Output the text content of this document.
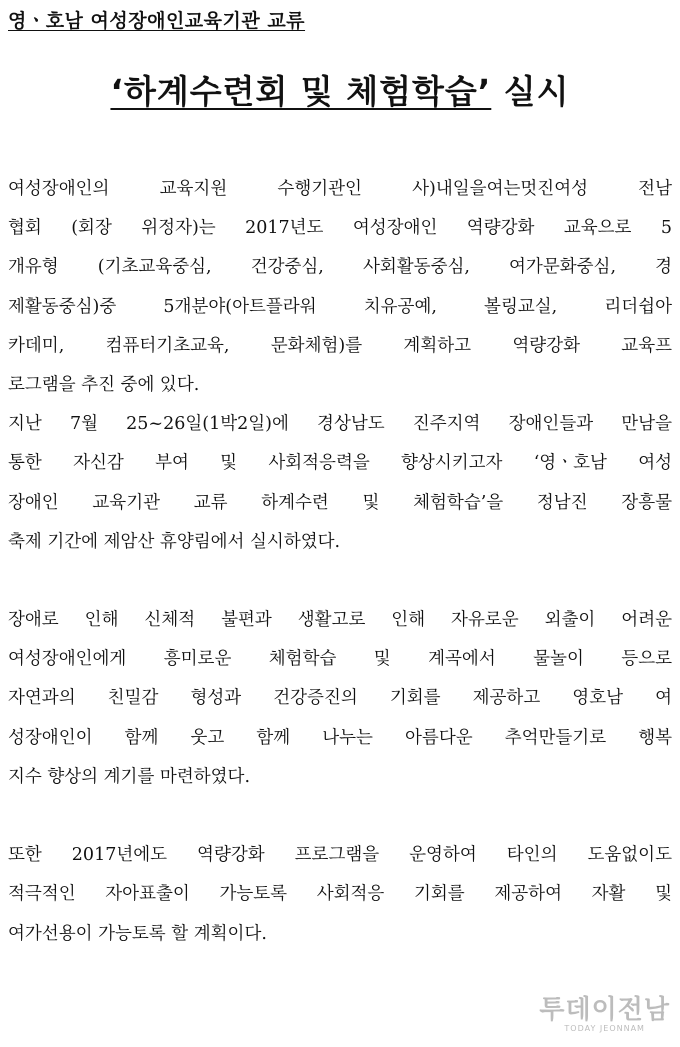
영ㆍ호남 여성장애인교육기관 교류
‘하계수련회 및 체험학습’ 실시
여성장애인의 교육지원 수행기관인 사)내일을여는멋진여성 전남
협회 (회장 위정자)는 2017년도 여성장애인 역량강화 교육으로 5
개유형 (기초교육중심, 건강중심, 사회활동중심, 여가문화중심, 경
제활동중심)중 5개분야(아트플라워 치유공예, 볼링교실, 리더쉽아
카데미, 컴퓨터기초교육, 문화체험)를 계획하고 역량강화 교육프
로그램을 추진 중에 있다.
지난 7월 25~26일(1박2일)에 경상남도 진주지역 장애인들과 만남을
통한 자신감 부여 및 사회적응력을 향상시키고자 ‘영ㆍ호남 여성
장애인 교육기관 교류 하계수련 및 체험학습’을 정남진 장흥물
축제 기간에 제암산 휴양림에서 실시하였다.
장애로 인해 신체적 불편과 생활고로 인해 자유로운 외출이 어려운
여성장애인에게 흥미로운 체험학습 및 계곡에서 물놀이 등으로
자연과의 친밀감 형성과 건강증진의 기회를 제공하고 영호남 여
성장애인이 함께 웃고 함께 나누는 아름다운 추억만들기로 행복
지수 향상의 계기를 마련하였다.
또한 2017년에도 역량강화 프로그램을 운영하여 타인의 도움없이도
적극적인 자아표출이 가능토록 사회적응 기회를 제공하여 자활 및
여가선용이 가능토록 할 계획이다.
투데이전남
TODAY JEONNAM
